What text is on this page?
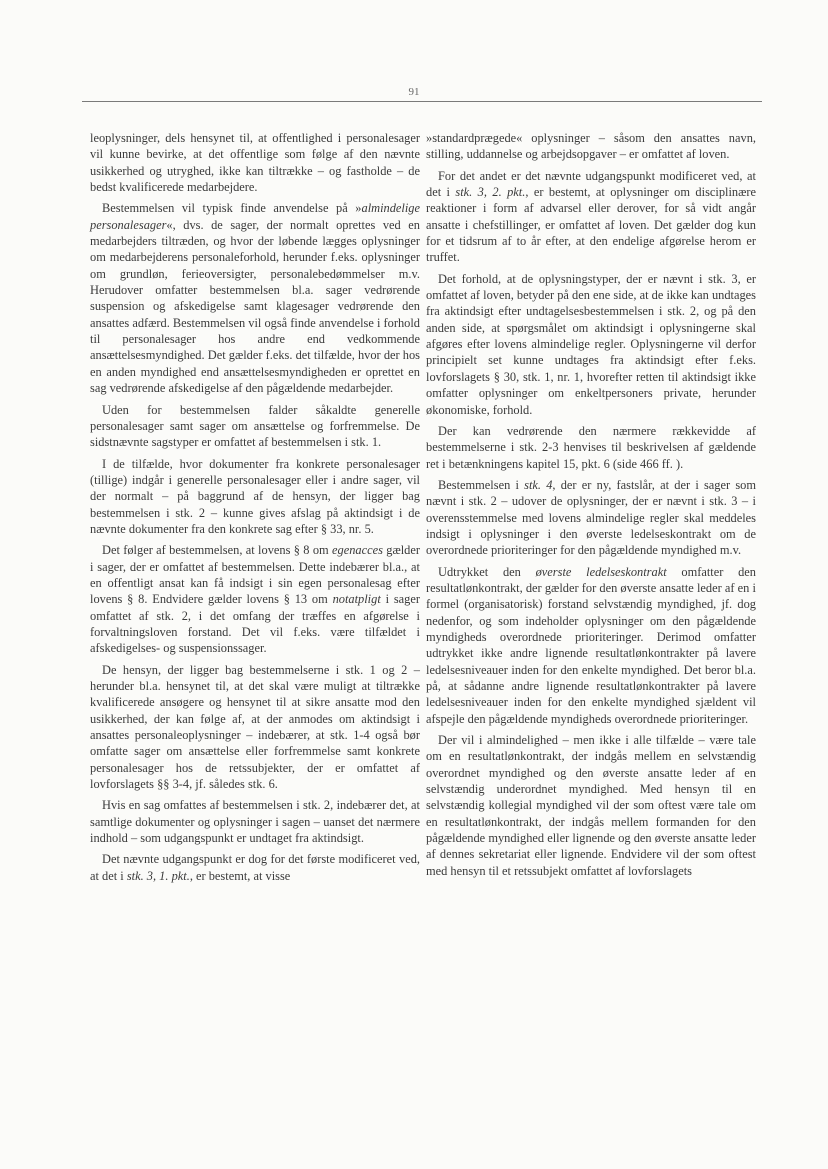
91

leoplysninger, dels hensynet til, at offentlighed i personalesager vil kunne bevirke, at det offentlige som følge af den nævnte usikkerhed og utryghed, ikke kan tiltrække – og fastholde – de bedst kvalificerede medarbejdere.

Bestemmelsen vil typisk finde anvendelse på »almindelige personalesager«, dvs. de sager, der normalt oprettes ved en medarbejders tiltræden, og hvor der løbende lægges oplysninger om medarbejderens personaleforhold, herunder f.eks. oplysninger om grundløn, ferieoversigter, personalebedømmelser m.v. Herudover omfatter bestemmelsen bl.a. sager vedrørende suspension og afskedigelse samt klagesager vedrørende den ansattes adfærd. Bestemmelsen vil også finde anvendelse i forhold til personalesager hos andre end vedkommende ansættelsesmyndighed. Det gælder f.eks. det tilfælde, hvor der hos en anden myndighed end ansættelsesmyndigheden er oprettet en sag vedrørende afskedigelse af den pågældende medarbejder.

Uden for bestemmelsen falder såkaldte generelle personalesager samt sager om ansættelse og forfremmelse. De sidstnævnte sagstyper er omfattet af bestemmelsen i stk. 1.

I de tilfælde, hvor dokumenter fra konkrete personalesager (tillige) indgår i generelle personalesager eller i andre sager, vil der normalt – på baggrund af de hensyn, der ligger bag bestemmelsen i stk. 2 – kunne gives afslag på aktindsigt i de nævnte dokumenter fra den konkrete sag efter § 33, nr. 5.

Det følger af bestemmelsen, at lovens § 8 om egenacces gælder i sager, der er omfattet af bestemmelsen. Dette indebærer bl.a., at en offentligt ansat kan få indsigt i sin egen personalesag efter lovens § 8. Endvidere gælder lovens § 13 om notatpligt i sager omfattet af stk. 2, i det omfang der træffes en afgørelse i forvaltningsloven forstand. Det vil f.eks. være tilfældet i afskedigelses- og suspensionssager.

De hensyn, der ligger bag bestemmelserne i stk. 1 og 2 – herunder bl.a. hensynet til, at det skal være muligt at tiltrække kvalificerede ansøgere og hensynet til at sikre ansatte mod den usikkerhed, der kan følge af, at der anmodes om aktindsigt i ansattes personaleoplysninger – indebærer, at stk. 1-4 også bør omfatte sager om ansættelse eller forfremmelse samt konkrete personalesager hos de retssubjekter, der er omfattet af lovforslagets §§ 3-4, jf. således stk. 6.

Hvis en sag omfattes af bestemmelsen i stk. 2, indebærer det, at samtlige dokumenter og oplysninger i sagen – uanset det nærmere indhold – som udgangspunkt er undtaget fra aktindsigt.

Det nævnte udgangspunkt er dog for det første modificeret ved, at det i stk. 3, 1. pkt., er bestemt, at visse

»standardprægede« oplysninger – såsom den ansattes navn, stilling, uddannelse og arbejdsopgaver – er omfattet af loven.

For det andet er det nævnte udgangspunkt modificeret ved, at det i stk. 3, 2. pkt., er bestemt, at oplysninger om disciplinære reaktioner i form af advarsel eller derover, for så vidt angår ansatte i chefstillinger, er omfattet af loven. Det gælder dog kun for et tidsrum af to år efter, at den endelige afgørelse herom er truffet.

Det forhold, at de oplysningstyper, der er nævnt i stk. 3, er omfattet af loven, betyder på den ene side, at de ikke kan undtages fra aktindsigt efter undtagelsesbestemmelsen i stk. 2, og på den anden side, at spørgsmålet om aktindsigt i oplysningerne skal afgøres efter lovens almindelige regler. Oplysningerne vil derfor principielt set kunne undtages fra aktindsigt efter f.eks. lovforslagets § 30, stk. 1, nr. 1, hvorefter retten til aktindsigt ikke omfatter oplysninger om enkeltpersoners private, herunder økonomiske, forhold.

Der kan vedrørende den nærmere rækkevidde af bestemmelserne i stk. 2-3 henvises til beskrivelsen af gældende ret i betænkningens kapitel 15, pkt. 6 (side 466 ff. ).

Bestemmelsen i stk. 4, der er ny, fastslår, at der i sager som nævnt i stk. 2 – udover de oplysninger, der er nævnt i stk. 3 – i overensstemmelse med lovens almindelige regler skal meddeles indsigt i oplysninger i den øverste ledelseskontrakt om de overordnede prioriteringer for den pågældende myndighed m.v.

Udtrykket den øverste ledelseskontrakt omfatter den resultatlønkontrakt, der gælder for den øverste ansatte leder af en i formel (organisatorisk) forstand selvstændig myndighed, jf. dog nedenfor, og som indeholder oplysninger om den pågældende myndigheds overordnede prioriteringer. Derimod omfatter udtrykket ikke andre lignende resultatlønkontrakter på lavere ledelsesniveauer inden for den enkelte myndighed. Det beror bl.a. på, at sådanne andre lignende resultatlønkontrakter på lavere ledelsesniveauer inden for den enkelte myndighed sjældent vil afspejle den pågældende myndigheds overordnede prioriteringer.

Der vil i almindelighed – men ikke i alle tilfælde – være tale om en resultatlønkontrakt, der indgås mellem en selvstændig overordnet myndighed og den øverste ansatte leder af en selvstændig underordnet myndighed. Med hensyn til en selvstændig kollegial myndighed vil der som oftest være tale om en resultatlønkontrakt, der indgås mellem formanden for den pågældende myndighed eller lignende og den øverste ansatte leder af dennes sekretariat eller lignende. Endvidere vil der som oftest med hensyn til et retssubjekt omfattet af lovforslagets
